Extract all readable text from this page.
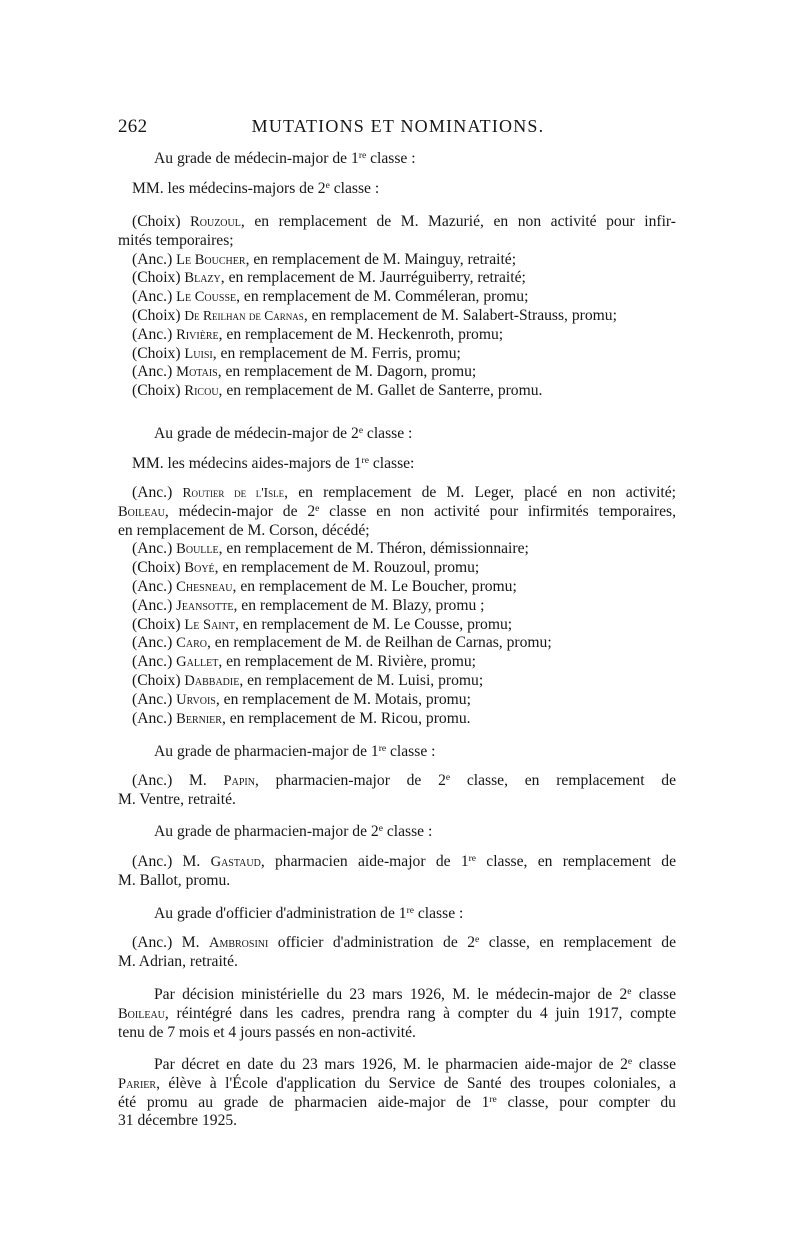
262	MUTATIONS ET NOMINATIONS.
Au grade de médecin-major de 1re classe :
MM. les médecins-majors de 2e classe :
(Choix) Rouzoul, en remplacement de M. Mazurié, en non activité pour infir-
mités temporaires;
(Anc.) Le Boucher, en remplacement de M. Mainguy, retraité;
(Choix) Blazy, en remplacement de M. Jaurréguiberry, retraité;
(Anc.) Le Cousse, en remplacement de M. Comméleran, promu;
(Choix) De Reilhan de Carnas, en remplacement de M. Salabert-Strauss, promu;
(Anc.) Rivière, en remplacement de M. Heckenroth, promu;
(Choix) Luisi, en remplacement de M. Ferris, promu;
(Anc.) Motais, en remplacement de M. Dagorn, promu;
(Choix) Ricou, en remplacement de M. Gallet de Santerre, promu.
Au grade de médecin-major de 2e classe :
MM. les médecins aides-majors de 1re classe:
(Anc.) Routier de l'Isle, en remplacement de M. Leger, placé en non activité;
Boileau, médecin-major de 2e classe en non activité pour infirmités temporaires,
en remplacement de M. Corson, décédé;
(Anc.) Boulle, en remplacement de M. Théron, démissionnaire;
(Choix) Boyé, en remplacement de M. Rouzoul, promu;
(Anc.) Chesneau, en remplacement de M. Le Boucher, promu;
(Anc.) Jeansotte, en remplacement de M. Blazy, promu ;
(Choix) Le Saint, en remplacement de M. Le Cousse, promu;
(Anc.) Caro, en remplacement de M. de Reilhan de Carnas, promu;
(Anc.) Gallet, en remplacement de M. Rivière, promu;
(Choix) Dabbadie, en remplacement de M. Luisi, promu;
(Anc.) Urvois, en remplacement de M. Motais, promu;
(Anc.) Bernier, en remplacement de M. Ricou, promu.
Au grade de pharmacien-major de 1re classe :
(Anc.) M. Papin, pharmacien-major de 2e classe, en remplacement de
M. Ventre, retraité.
Au grade de pharmacien-major de 2e classe :
(Anc.) M. Gastaud, pharmacien aide-major de 1re classe, en remplacement de
M. Ballot, promu.
Au grade d'officier d'administration de 1re classe :
(Anc.) M. Ambrosini officier d'administration de 2e classe, en remplacement de
M. Adrian, retraité.
Par décision ministérielle du 23 mars 1926, M. le médecin-major de 2e classe
Boileau, réintégré dans les cadres, prendra rang à compter du 4 juin 1917, compte
tenu de 7 mois et 4 jours passés en non-activité.
Par décret en date du 23 mars 1926, M. le pharmacien aide-major de 2e classe
Parier, élève à l'École d'application du Service de Santé des troupes coloniales, a
été promu au grade de pharmacien aide-major de 1re classe, pour compter du
31 décembre 1925.
